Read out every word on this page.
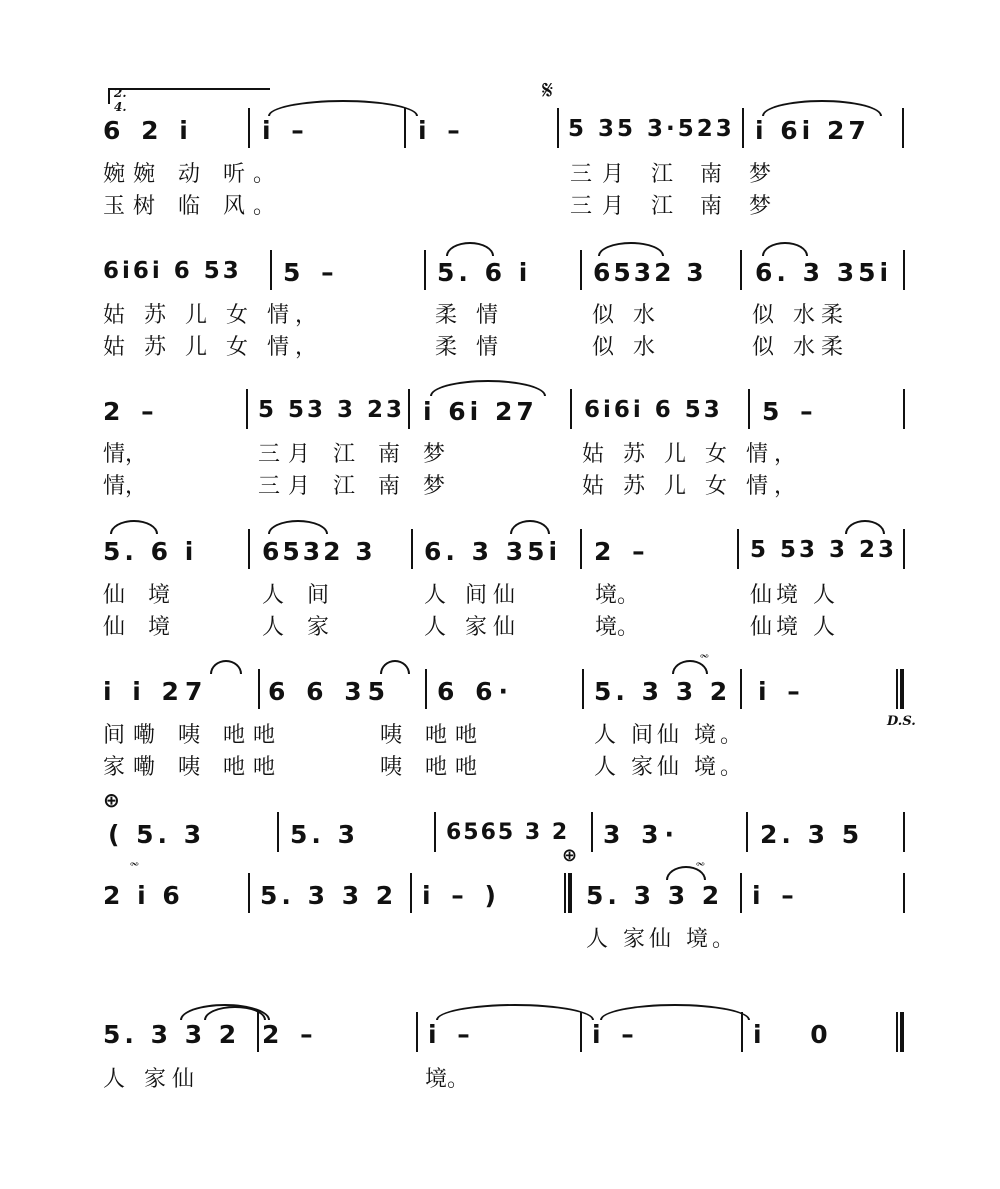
2. 4.
𝄋
6 2 i	i –	i –	5 35 3·523 i 6i 27
婉婉 动 听。	三月 江 南 梦
玉树 临 风。	三月 江 南 梦
6i6i 6 53 5 –	5. 6 i 6532 3 6. 3 35i
姑 苏 儿 女 情，	柔 情	似 水	似 水柔
姑 苏 儿 女 情，	柔 情	似 水	似 水柔
2 –	5 53 3 23 i 6i 27 6i6i 6 53 5 –
情，	三月 江 南 梦	姑 苏 儿 女 情，
情，	三月 江 南 梦	姑 苏 儿 女 情，
5. 6 i	6532 3 6. 3 35i 2 –	5 53 3 23
仙 境	人 间	人 间仙	境。	仙境 人
仙 境	人 家	人 家仙	境。	仙境 人
i i 27 6 6 35 6 6·	5. 3 3 2 i –
𝆗
D.S.
间嘞 咦 吔吔	咦 吔吔	人 间仙 境。
家嘞 咦 吔吔	咦 吔吔	人 家仙 境。
⊕
( 5. 3	5. 3	6565 3 2 3 3·	2. 3 5
2 i 6
𝆗
5. 3 3 2 i – )
⊕
5. 3 3 2
𝆗
i –
人 家仙 境。
5. 3 3 2 2 –	i –	i –	i 0
人 家仙	境。
